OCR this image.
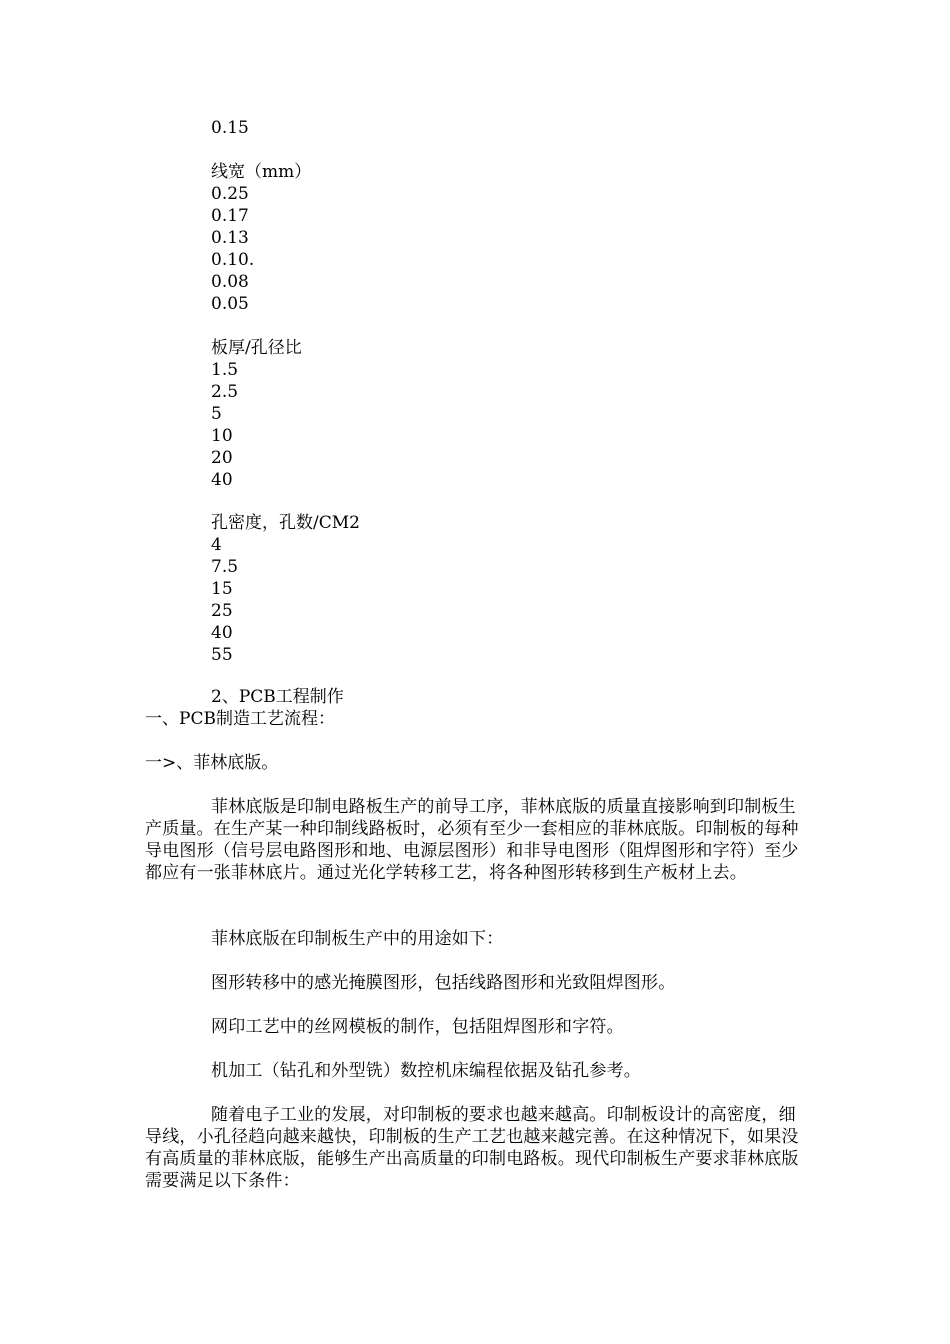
0.15
线宽（mm）
0.25
0.17
0.13
0.10.
0.08
0.05
板厚/孔径比
1.5
2.5
5
10
20
40
孔密度，孔数/CM2
4
7.5
15
25
40
55
2、PCB工程制作
一、PCB制造工艺流程：
一>、菲林底版。

菲林底版是印制电路板生产的前导工序，菲林底版的质量直接影响到印制板生产质量。在生产某一种印制线路板时，必须有至少一套相应的菲林底版。印制板的每种导电图形（信号层电路图形和地、电源层图形）和非导电图形（阻焊图形和字符）至少都应有一张菲林底片。通过光化学转移工艺，将各种图形转移到生产板材上去。

菲林底版在印制板生产中的用途如下：

图形转移中的感光掩膜图形，包括线路图形和光致阻焊图形。

网印工艺中的丝网模板的制作，包括阻焊图形和字符。

机加工（钻孔和外型铣）数控机床编程依据及钻孔参考。

随着电子工业的发展，对印制板的要求也越来越高。印制板设计的高密度，细导线，小孔径趋向越来越快，印制板的生产工艺也越来越完善。在这种情况下，如果没有高质量的菲林底版，能够生产出高质量的印制电路板。现代印制板生产要求菲林底版需要满足以下条件：
